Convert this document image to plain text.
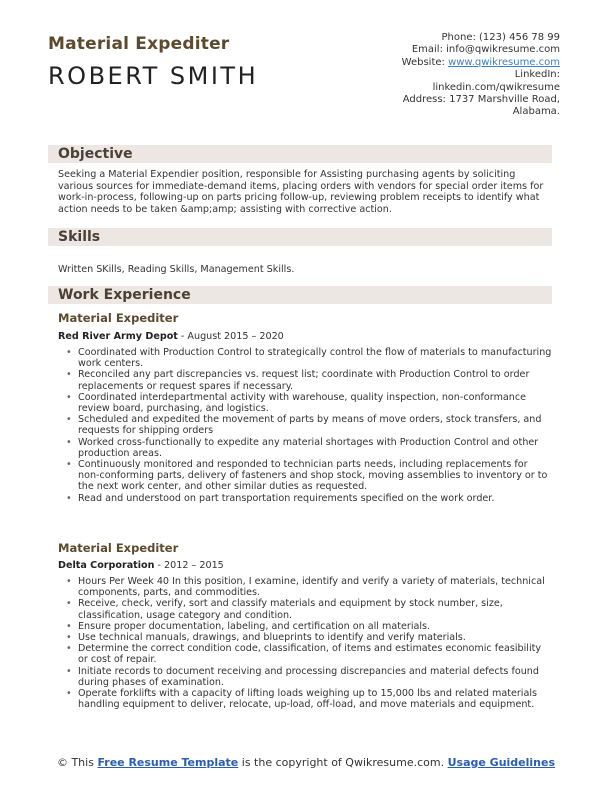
Material Expediter
ROBERT SMITH
Phone: (123) 456 78 99
Email: info@qwikresume.com
Website: www.qwikresume.com
LinkedIn:
linkedin.com/qwikresume
Address: 1737 Marshville Road,
Alabama.
Objective
Seeking a Material Expendier position, responsible for Assisting purchasing agents by soliciting various sources for immediate-demand items, placing orders with vendors for special order items for work-in-process, following-up on parts pricing follow-up, reviewing problem receipts to identify what action needs to be taken &amp;amp; assisting with corrective action.
Skills
Written SKills, Reading Skills, Management Skills.
Work Experience
Material Expediter
Red River Army Depot - August 2015 – 2020
• Coordinated with Production Control to strategically control the flow of materials to manufacturing work centers.
• Reconciled any part discrepancies vs. request list; coordinate with Production Control to order replacements or request spares if necessary.
• Coordinated interdepartmental activity with warehouse, quality inspection, non-conformance review board, purchasing, and logistics.
• Scheduled and expedited the movement of parts by means of move orders, stock transfers, and requests for shipping orders
• Worked cross-functionally to expedite any material shortages with Production Control and other production areas.
• Continuously monitored and responded to technician parts needs, including replacements for non-conforming parts, delivery of fasteners and shop stock, moving assemblies to inventory or to the next work center, and other similar duties as requested.
• Read and understood on part transportation requirements specified on the work order.
Material Expediter
Delta Corporation - 2012 – 2015
• Hours Per Week 40 In this position, I examine, identify and verify a variety of materials, technical components, parts, and commodities.
• Receive, check, verify, sort and classify materials and equipment by stock number, size, classification, usage category and condition.
• Ensure proper documentation, labeling, and certification on all materials.
• Use technical manuals, drawings, and blueprints to identify and verify materials.
• Determine the correct condition code, classification, of items and estimates economic feasibility or cost of repair.
• Initiate records to document receiving and processing discrepancies and material defects found during phases of examination.
• Operate forklifts with a capacity of lifting loads weighing up to 15,000 lbs and related materials handling equipment to deliver, relocate, up-load, off-load, and move materials and equipment.
© This Free Resume Template is the copyright of Qwikresume.com. Usage Guidelines
